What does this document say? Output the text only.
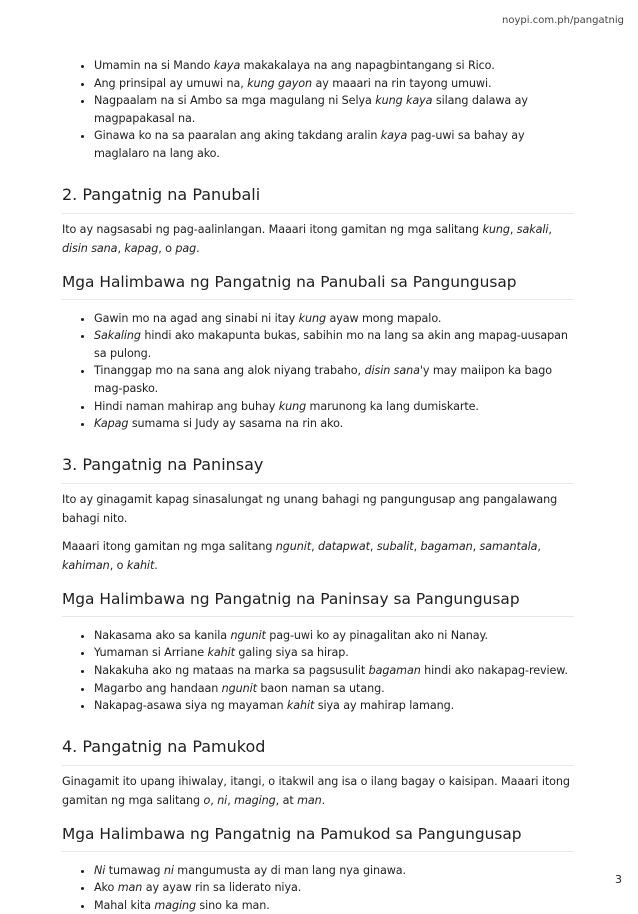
noypi.com.ph/pangatnig
• Umamin na si Mando kaya makakalaya na ang napagbintangang si Rico.
• Ang prinsipal ay umuwi na, kung gayon ay maaari na rin tayong umuwi.
• Nagpaalam na si Ambo sa mga magulang ni Selya kung kaya silang dalawa ay magpapakasal na.
• Ginawa ko na sa paaralan ang aking takdang aralin kaya pag-uwi sa bahay ay maglalaro na lang ako.
2. Pangatnig na Panubali

Ito ay nagsasabi ng pag-aalinlangan. Maaari itong gamitan ng mga salitang kung, sakali, disin sana, kapag, o pag.

Mga Halimbawa ng Pangatnig na Panubali sa Pangungusap
• Gawin mo na agad ang sinabi ni itay kung ayaw mong mapalo.
• Sakaling hindi ako makapunta bukas, sabihin mo na lang sa akin ang mapag-uusapan sa pulong.
• Tinanggap mo na sana ang alok niyang trabaho, disin sana'y may maiipon ka bago mag-pasko.
• Hindi naman mahirap ang buhay kung marunong ka lang dumiskarte.
• Kapag sumama si Judy ay sasama na rin ako.
3. Pangatnig na Paninsay

Ito ay ginagamit kapag sinasalungat ng unang bahagi ng pangungusap ang pangalawang bahagi nito.

Maaari itong gamitan ng mga salitang ngunit, datapwat, subalit, bagaman, samantala, kahiman, o kahit.

Mga Halimbawa ng Pangatnig na Paninsay sa Pangungusap
• Nakasama ako sa kanila ngunit pag-uwi ko ay pinagalitan ako ni Nanay.
• Yumaman si Arriane kahit galing siya sa hirap.
• Nakakuha ako ng mataas na marka sa pagsusulit bagaman hindi ako nakapag-review.
• Magarbo ang handaan ngunit baon naman sa utang.
• Nakapag-asawa siya ng mayaman kahit siya ay mahirap lamang.
4. Pangatnig na Pamukod

Ginagamit ito upang ihiwalay, itangi, o itakwil ang isa o ilang bagay o kaisipan. Maaari itong gamitan ng mga salitang o, ni, maging, at man.

Mga Halimbawa ng Pangatnig na Pamukod sa Pangungusap
• Ni tumawag ni mangumusta ay di man lang nya ginawa.
• Ako man ay ayaw rin sa liderato niya.
• Mahal kita maging sino ka man.
3
